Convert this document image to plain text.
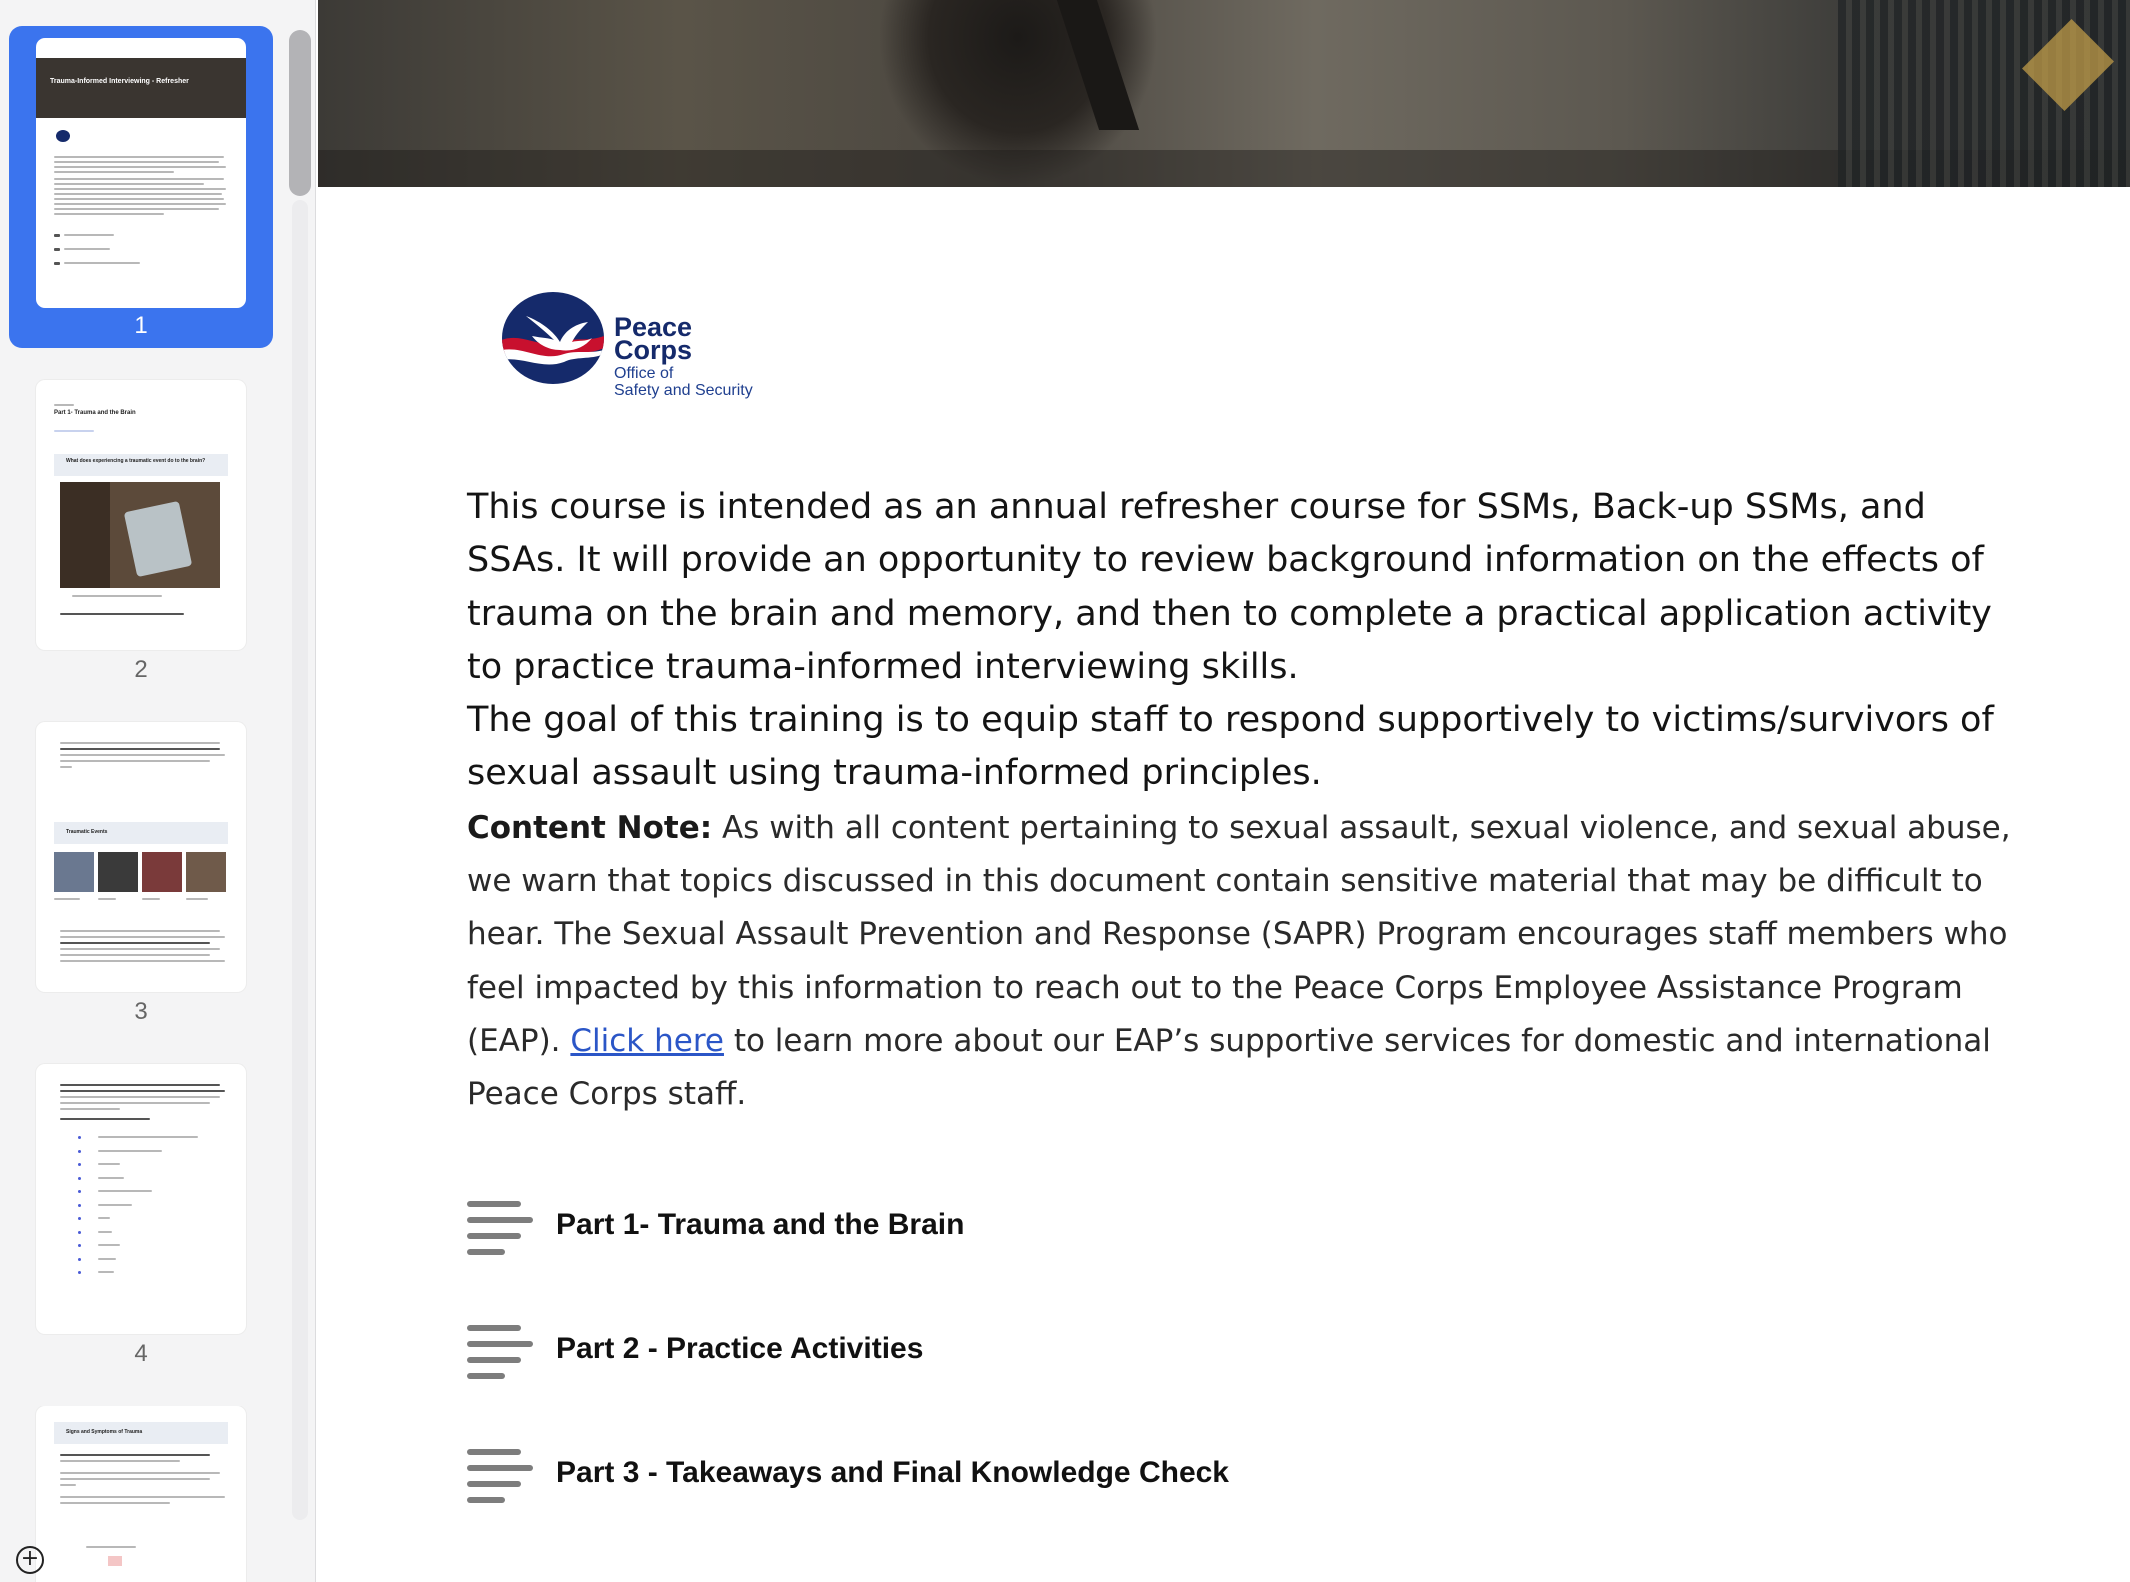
Trauma-Informed Interviewing - Refresher
1
Part 1- Trauma and the Brain
What does experiencing a traumatic event do to the brain?
2
Traumatic Events
3
4
Signs and Symptoms of Trauma
+
Peace
Corps
Office of
Safety and Security
This course is intended as an annual refresher course for SSMs, Back-up SSMs, and SSAs. It will provide an opportunity to review background information on the effects of trauma on the brain and memory, and then to complete a practical application activity to practice trauma-informed interviewing skills.
The goal of this training is to equip staff to respond supportively to victims/survivors of sexual assault using trauma-informed principles.
Content Note: As with all content pertaining to sexual assault, sexual violence, and sexual abuse, we warn that topics discussed in this document contain sensitive material that may be difficult to hear. The Sexual Assault Prevention and Response (SAPR) Program encourages staff members who feel impacted by this information to reach out to the Peace Corps Employee Assistance Program (EAP). Click here to learn more about our EAP’s supportive services for domestic and international Peace Corps staff.
Part 1- Trauma and the Brain
Part 2 - Practice Activities
Part 3 - Takeaways and Final Knowledge Check
